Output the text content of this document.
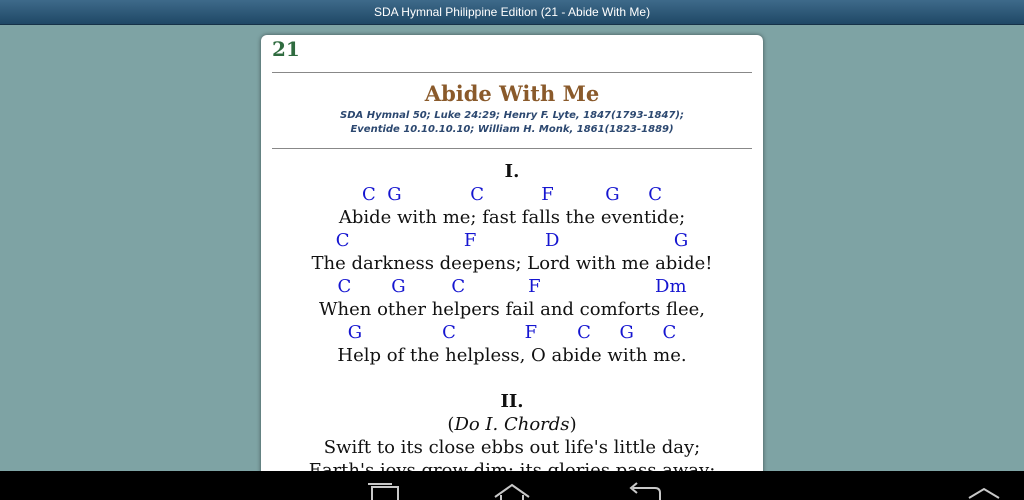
SDA Hymnal Philippine Edition (21 - Abide With Me)
21
Abide With Me
SDA Hymnal 50; Luke 24:29; Henry F. Lyte, 1847(1793-1847);
Eventide 10.10.10.10; William H. Monk, 1861(1823-1889)
I.
C  G            C          F         G     C
Abide with me; fast falls the eventide;
C                    F            D                    G
The darkness deepens; Lord with me abide!
C       G        C           F                    Dm
When other helpers fail and comforts flee,
G              C            F       C     G     C
Help of the helpless, O abide with me.
II.
(Do I. Chords)
Swift to its close ebbs out life's little day;
